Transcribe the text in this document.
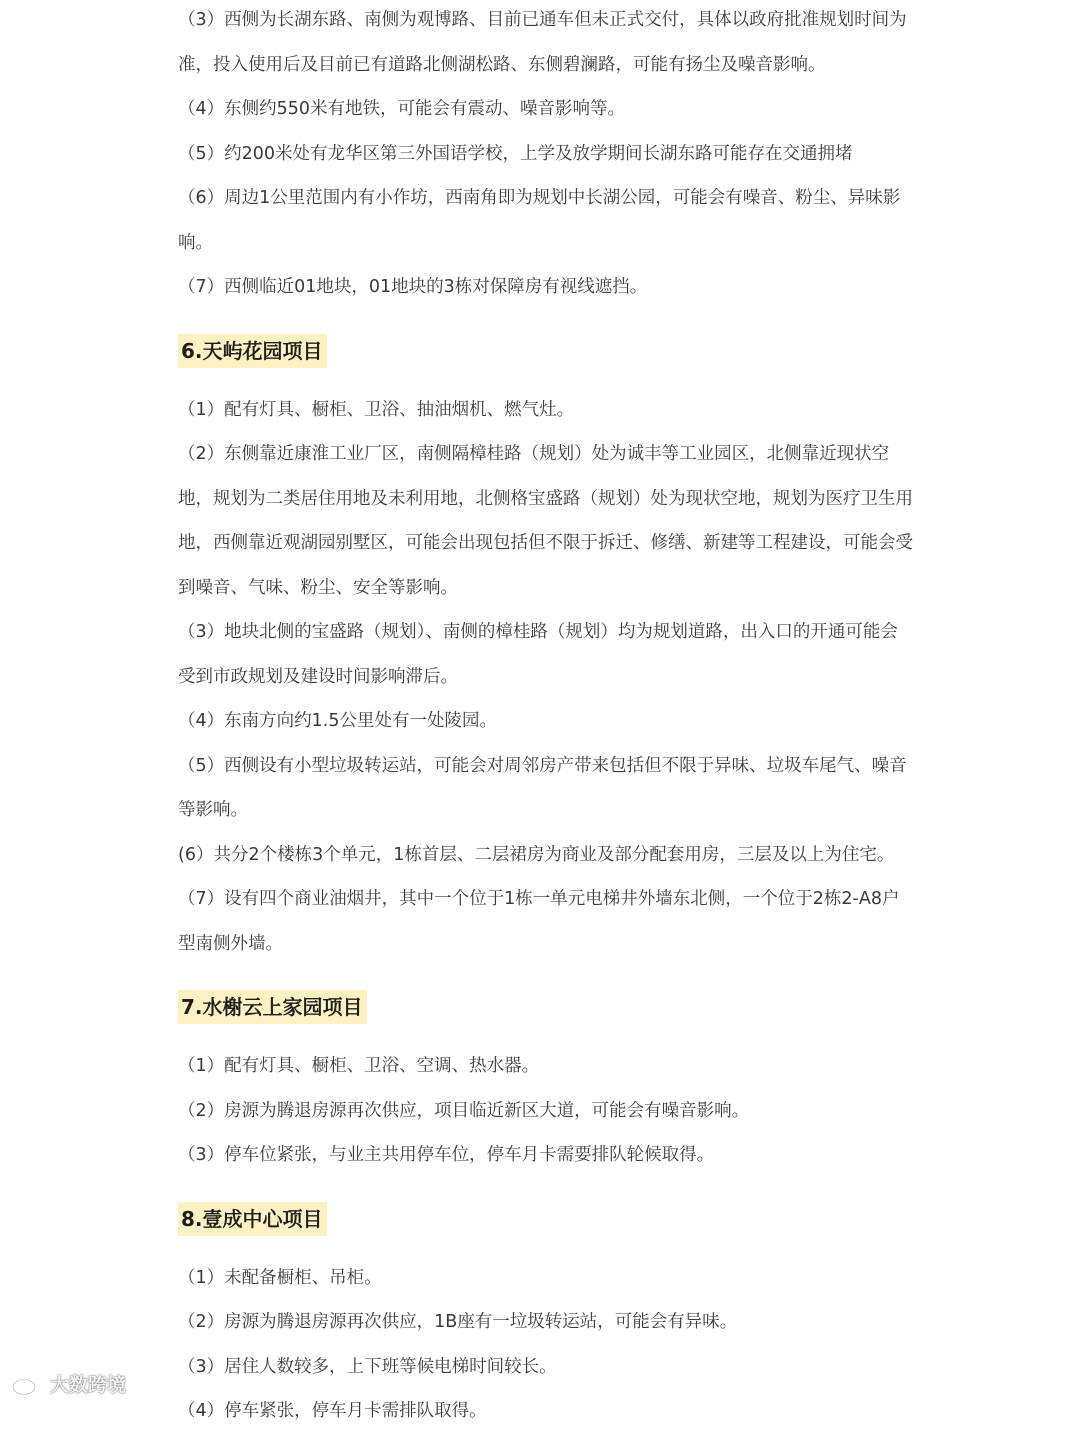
（3）西侧为长湖东路、南侧为观博路、目前已通车但未正式交付，具体以政府批准规划时间为

准，投入使用后及目前已有道路北侧湖松路、东侧碧澜路，可能有扬尘及噪音影响。

（4）东侧约550米有地铁，可能会有震动、噪音影响等。

（5）约200米处有龙华区第三外国语学校，上学及放学期间长湖东路可能存在交通拥堵

（6）周边1公里范围内有小作坊，西南角即为规划中长湖公园，可能会有噪音、粉尘、异味影

响。

（7）西侧临近01地块，01地块的3栋对保障房有视线遮挡。

6.天屿花园项目

（1）配有灯具、橱柜、卫浴、抽油烟机、燃气灶。

（2）东侧靠近康淮工业厂区，南侧隔樟桂路（规划）处为诚丰等工业园区，北侧靠近现状空

地，规划为二类居住用地及未利用地，北侧格宝盛路（规划）处为现状空地，规划为医疗卫生用

地，西侧靠近观湖园别墅区，可能会出现包括但不限于拆迁、修缮、新建等工程建设，可能会受

到噪音、气味、粉尘、安全等影响。

（3）地块北侧的宝盛路（规划）、南侧的樟桂路（规划）均为规划道路，出入口的开通可能会

受到市政规划及建设时间影响滞后。

（4）东南方向约1.5公里处有一处陵园。

（5）西侧设有小型垃圾转运站，可能会对周邻房产带来包括但不限于异味、垃圾车尾气、噪音

等影响。

(6）共分2个楼栋3个单元，1栋首层、二层裙房为商业及部分配套用房，三层及以上为住宅。

（7）设有四个商业油烟井，其中一个位于1栋一单元电梯井外墙东北侧，一个位于2栋2-A8户

型南侧外墙。

7.水榭云上家园项目

（1）配有灯具、橱柜、卫浴、空调、热水器。

（2）房源为腾退房源再次供应，项目临近新区大道，可能会有噪音影响。

（3）停车位紧张，与业主共用停车位，停车月卡需要排队轮候取得。

8.壹成中心项目

（1）未配备橱柜、吊柜。

（2）房源为腾退房源再次供应，1B座有一垃圾转运站，可能会有异味。

（3）居住人数较多，上下班等候电梯时间较长。

（4）停车紧张，停车月卡需排队取得。

大数跨境
